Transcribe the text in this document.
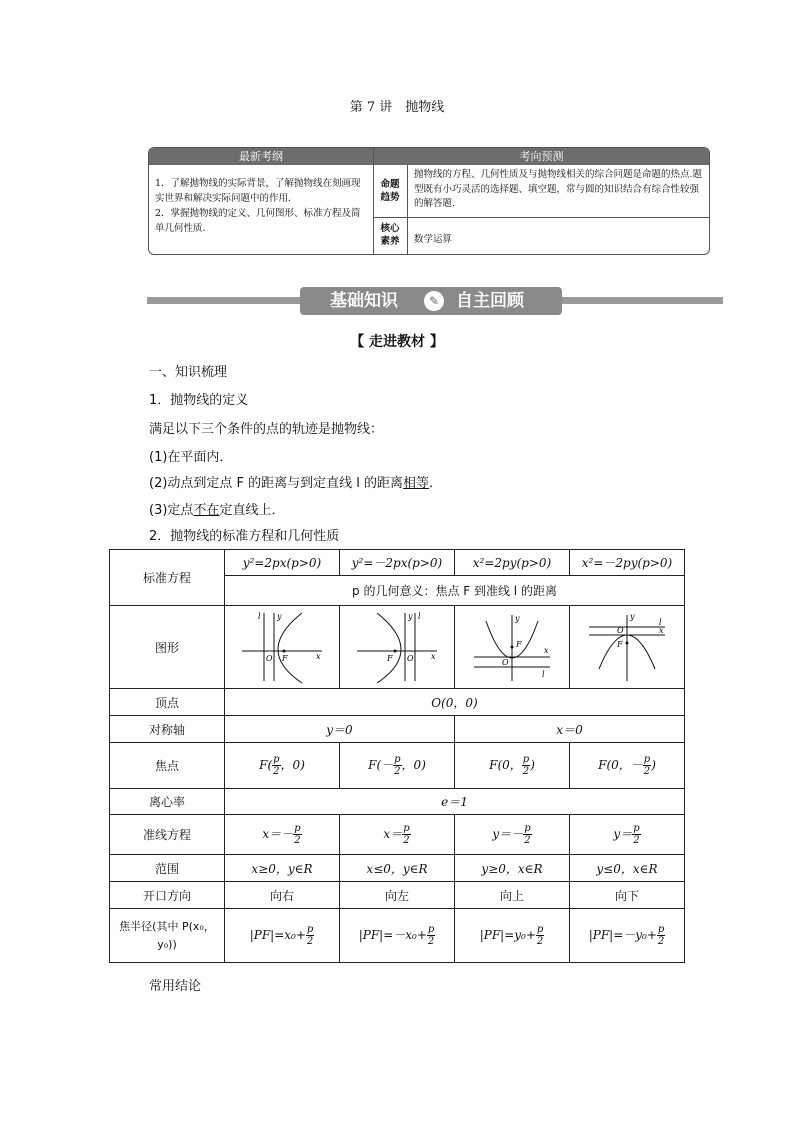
第 7 讲　抛物线
最新考纲	考向预测
1．了解抛物线的实际背景，了解抛物线在刻画现实世界和解决实际问题中的作用．
2．掌握抛物线的定义、几何图形、标准方程及简单几何性质．
命题趋势
抛物线的方程、几何性质及与抛物线相关的综合问题是命题的热点.题型既有小巧灵活的选择题、填空题，常与圆的知识结合有综合性较强的解答题.
核心素养	数学运算
基础知识	✎ 自主回顾
【 走进教材 】
一、知识梳理
1．抛物线的定义
满足以下三个条件的点的轨迹是抛物线：
(1)在平面内．
(2)动点到定点 F 的距离与到定直线 l 的距离相等．
(3)定点不在定直线上．
2．抛物线的标准方程和几何性质
标准方程	y²=2px(p>0)	y²=－2px(p>0)	x²=2py(p>0)	x²=－2py(p>0)
	p 的几何意义：焦点 F 到准线 l 的距离			
图形	x
y
O F
l	x
y
O
F
l	x
y
O
F
l	x
y
O
F
l

顶点	O(0，0)			
对称轴	y＝0		x＝0	
焦点	$F( \frac{p}{2}$ ，0)	$F(- \frac{p}{2}$ ，0)	F(0， $\frac{p}{2}$ )	F(0，－ $\frac{p}{2}$ )
离心率	e＝1			
准线方程	$x=- \frac{p}{2}$	$x= \frac{p}{2}$	$y=- \frac{p}{2}$	$y= \frac{p}{2}$

范围	x≥0，y∈R	x≤0，y∈R	y≥0，x∈R	y≤0，x∈R
开口方向	向右	向左	向上	向下
焦半径(其中 P(x₀，y₀))	$|PF|=x_0+ \frac{p}{2}$	$|PF|=-x_0+ \frac{p}{2}$	$|PF|=y_0+ \frac{p}{2}$	$|PF|=-y_0+ \frac{p}{2}$
常用结论
